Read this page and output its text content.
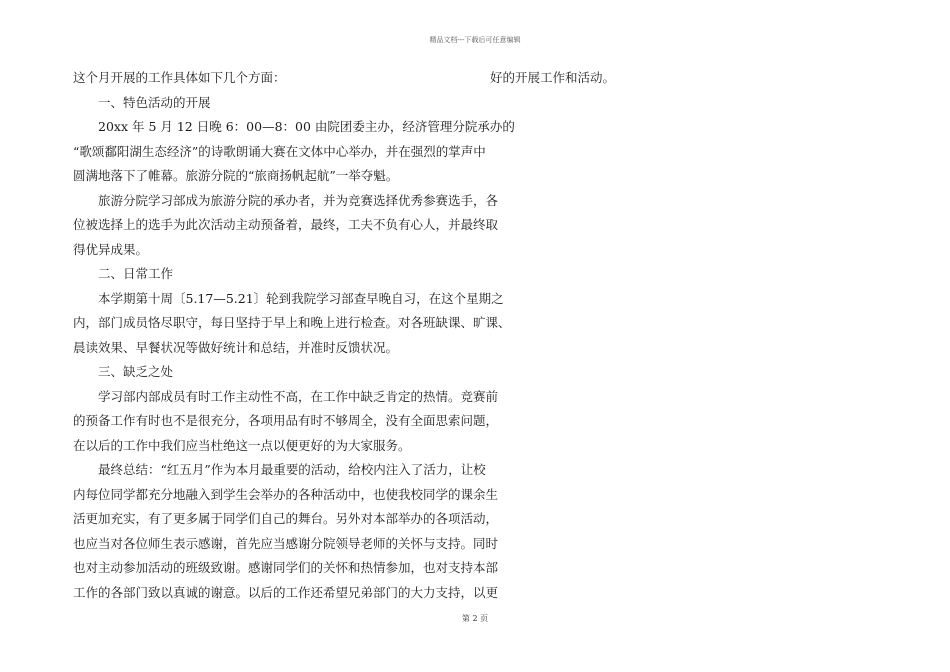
精品文档---下载后可任意编辑

这个月开展的工作具体如下几个方面：

一、特色活动的开展

20xx 年 5 月 12 日晚 6：00—8：00 由院团委主办，经济管理分院承办的

“歌颂鄱阳湖生态经济”的诗歌朗诵大赛在文体中心举办，并在强烈的掌声中

圆满地落下了帷幕。旅游分院的“旅商扬帆起航”一举夺魁。

旅游分院学习部成为旅游分院的承办者，并为竞赛选择优秀参赛选手，各

位被选择上的选手为此次活动主动预备着，最终，工夫不负有心人，并最终取

得优异成果。

二、日常工作

本学期第十周〔5.17—5.21〕轮到我院学习部查早晚自习，在这个星期之

内，部门成员恪尽职守，每日坚持于早上和晚上进行检查。对各班缺课、旷课、

晨读效果、早餐状况等做好统计和总结，并准时反馈状况。

三、缺乏之处

学习部内部成员有时工作主动性不高，在工作中缺乏肯定的热情。竞赛前

的预备工作有时也不是很充分，各项用品有时不够周全，没有全面思索问题，

在以后的工作中我们应当杜绝这一点以便更好的为大家服务。

最终总结：“红五月”作为本月最重要的活动，给校内注入了活力，让校

内每位同学都充分地融入到学生会举办的各种活动中，也使我校同学的课余生

活更加充实，有了更多属于同学们自己的舞台。另外对本部举办的各项活动，

也应当对各位师生表示感谢，首先应当感谢分院领导老师的关怀与支持。同时

也对主动参加活动的班级致谢。感谢同学们的关怀和热情参加，也对支持本部

工作的各部门致以真诚的谢意。以后的工作还希望兄弟部门的大力支持，以更

好的开展工作和活动。
第 2 页
